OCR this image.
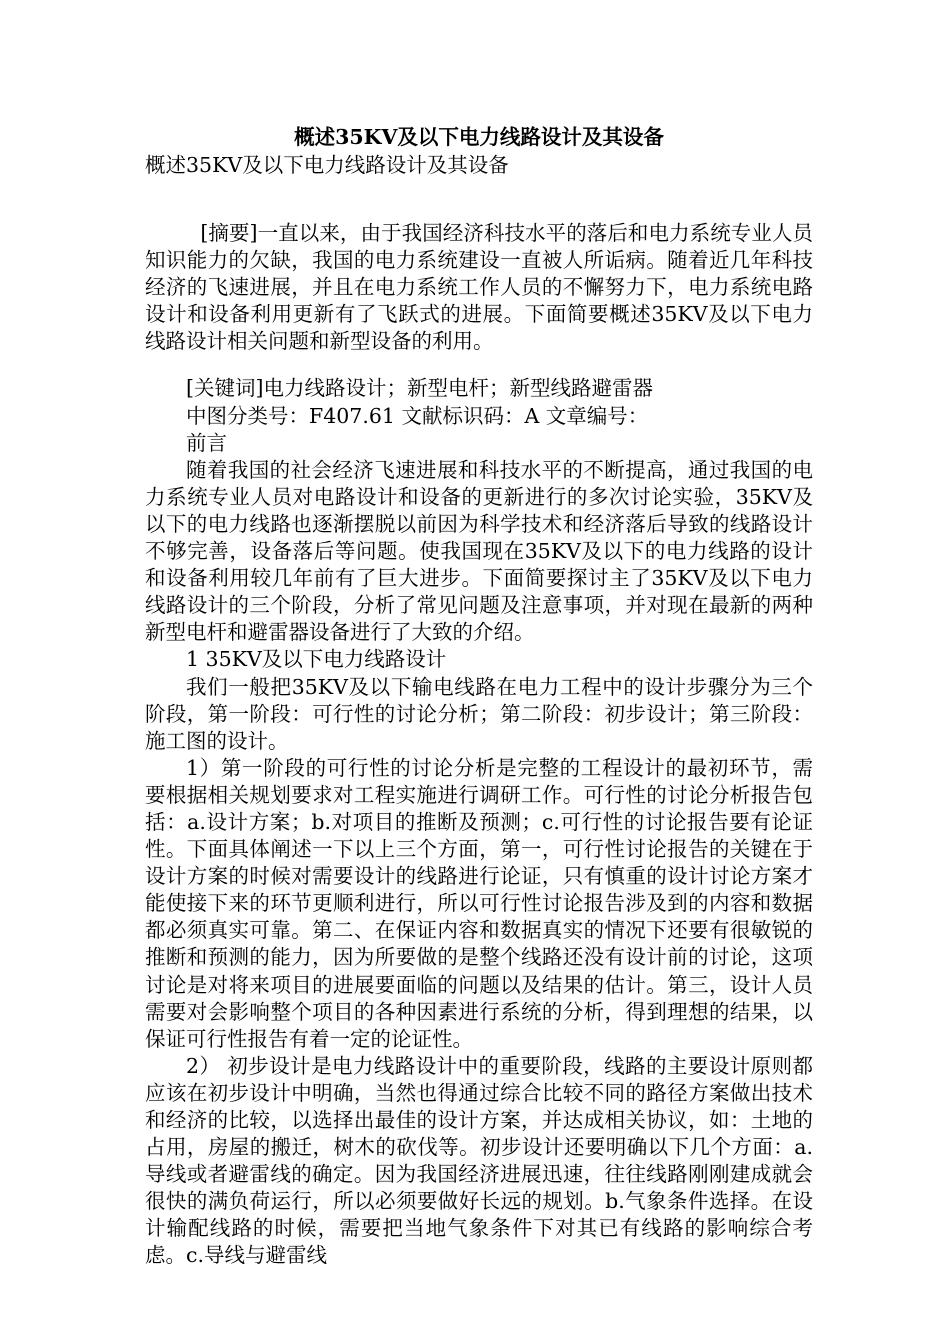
概述35KV及以下电力线路设计及其设备
概述35KV及以下电力线路设计及其设备

[摘要]一直以来，由于我国经济科技水平的落后和电力系统专业人员知识能力的欠缺，我国的电力系统建设一直被人所诟病。随着近几年科技经济的飞速进展，并且在电力系统工作人员的不懈努力下，电力系统电路设计和设备利用更新有了飞跃式的进展。下面简要概述35KV及以下电力线路设计相关问题和新型设备的利用。

[关键词]电力线路设计；新型电杆；新型线路避雷器

中图分类号：F407.61 文献标识码：A 文章编号：

前言

随着我国的社会经济飞速进展和科技水平的不断提高，通过我国的电力系统专业人员对电路设计和设备的更新进行的多次讨论实验，35KV及以下的电力线路也逐渐摆脱以前因为科学技术和经济落后导致的线路设计不够完善，设备落后等问题。使我国现在35KV及以下的电力线路的设计和设备利用较几年前有了巨大进步。下面简要探讨主了35KV及以下电力线路设计的三个阶段，分析了常见问题及注意事项，并对现在最新的两种新型电杆和避雷器设备进行了大致的介绍。

1 35KV及以下电力线路设计

我们一般把35KV及以下输电线路在电力工程中的设计步骤分为三个阶段，第一阶段：可行性的讨论分析；第二阶段：初步设计；第三阶段：施工图的设计。

1）第一阶段的可行性的讨论分析是完整的工程设计的最初环节，需要根据相关规划要求对工程实施进行调研工作。可行性的讨论分析报告包括：a.设计方案；b.对项目的推断及预测；c.可行性的讨论报告要有论证性。下面具体阐述一下以上三个方面，第一，可行性讨论报告的关键在于设计方案的时候对需要设计的线路进行论证，只有慎重的设计讨论方案才能使接下来的环节更顺利进行，所以可行性讨论报告涉及到的内容和数据都必须真实可靠。第二、在保证内容和数据真实的情况下还要有很敏锐的推断和预测的能力，因为所要做的是整个线路还没有设计前的讨论，这项讨论是对将来项目的进展要面临的问题以及结果的估计。第三，设计人员需要对会影响整个项目的各种因素进行系统的分析，得到理想的结果，以保证可行性报告有着一定的论证性。

2） 初步设计是电力线路设计中的重要阶段，线路的主要设计原则都应该在初步设计中明确，当然也得通过综合比较不同的路径方案做出技术和经济的比较，以选择出最佳的设计方案，并达成相关协议，如：土地的占用，房屋的搬迁，树木的砍伐等。初步设计还要明确以下几个方面：a.导线或者避雷线的确定。因为我国经济进展迅速，往往线路刚刚建成就会很快的满负荷运行，所以必须要做好长远的规划。b.气象条件选择。在设计输配线路的时候，需要把当地气象条件下对其已有线路的影响综合考虑。c.导线与避雷线
